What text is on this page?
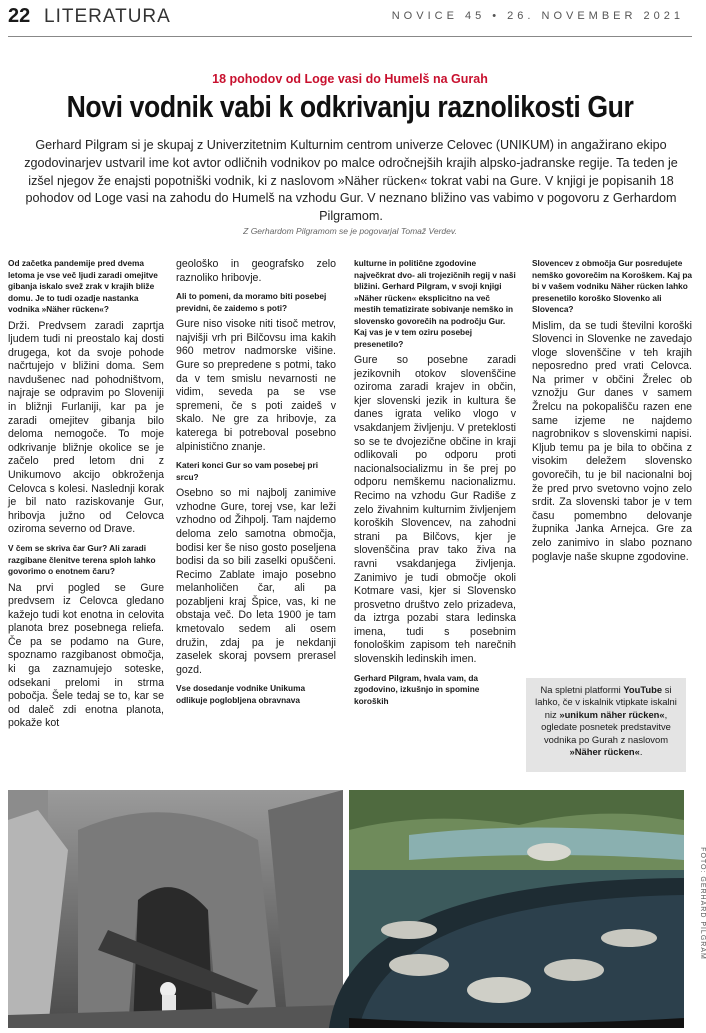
22 LITERATURA	NOVICE 45 • 26. NOVEMBER 2021
18 pohodov od Loge vasi do Humelš na Gurah
Novi vodnik vabi k odkrivanju raznolikosti Gur
Gerhard Pilgram si je skupaj z Univerzitetnim Kulturnim centrom univerze Celovec (UNIKUM) in angažirano ekipo zgodovinarjev ustvaril ime kot avtor odličnih vodnikov po malce odročnejših krajih alpsko-jadranske regije. Ta teden je izšel njegov že enajsti popotniški vodnik, ki z naslovom »Näher rücken« tokrat vabi na Gure. V knjigi je popisanih 18 pohodov od Loge vasi na zahodu do Humelš na vzhodu Gur. V neznano bližino vas vabimo v pogovoru z Gerhardom Pilgramom.
Z Gerhardom Pilgramom se je pogovarjal Tomaž Verdev.

Od začetka pandemije pred dvema letoma je vse več ljudi zaradi omejitve gibanja iskalo svež zrak v krajih bliže domu. Je to tudi ozadje nastanka vodnika »Näher rücken«?

Drži. Predvsem zaradi zaprtja ljudem tudi ni preostalo kaj dosti drugega, kot da svoje pohode načrtujejo v bližini doma. Sem navdušenec nad pohodništvom, najraje se odpravim po Sloveniji in bližnji Furlaniji, kar pa je zaradi omejitev gibanja bilo deloma nemogoče. To moje odkrivanje bližnje okolice se je začelo pred letom dni z Unikumovo akcijo obkroženja Celovca s kolesi. Naslednji korak je bil nato raziskovanje Gur, hribovja južno od Celovca oziroma severno od Drave.

V čem se skriva čar Gur? Ali zaradi razgibane členitve terena sploh lahko govorimo o enotnem čaru?

Na prvi pogled se Gure predvsem iz Celovca gledano kažejo tudi kot enotna in celovita planota brez posebnega reliefa. Če pa se podamo na Gure, spoznamo razgibanost območja, ki ga zaznamujejo soteske, odsekani prelomi in strma pobočja. Šele tedaj se to, kar se od daleč zdi enotna planota, pokaže kot

geološko in geografsko zelo raznoliko hribovje.

Ali to pomeni, da moramo biti posebej previdni, če zaidemo s poti?

Gure niso visoke niti tisoč metrov, najvišji vrh pri Bilčovsu ima kakih 960 metrov nadmorske višine. Gure so prepredene s potmi, tako da v tem smislu nevarnosti ne vidim, seveda pa se vse spremeni, če s poti zaideš v skalo. Ne gre za hribovje, za katerega bi potreboval posebno alpinistično znanje.

Kateri konci Gur so vam posebej pri srcu?

Osebno so mi najbolj zanimive vzhodne Gure, torej vse, kar leži vzhodno od Žihpolj. Tam najdemo deloma zelo samotna območja, bodisi ker še niso gosto poseljena bodisi da so bili zaselki opuščeni. Recimo Zablate imajo posebno melanholičen čar, ali pa pozabljeni kraj Špice, vas, ki ne obstaja več. Do leta 1900 je tam kmetovalo sedem ali osem družin, zdaj pa je nekdanji zaselek skoraj povsem prerasel gozd.

Vse dosedanje vodnike Unikuma odlikuje poglobljena obravnava

kulturne in politične zgodovine največkrat dvo- ali trojezičnih regij v naši bližini. Gerhard Pilgram, v svoji knjigi »Näher rücken« eksplicitno na več mestih tematizirate sobivanje nemško in slovensko govorečih na področju Gur. Kaj vas je v tem oziru posebej presenetilo?

Gure so posebne zaradi jezikovnih otokov slovenščine oziroma zaradi krajev in občin, kjer slovenski jezik in kultura še danes igrata veliko vlogo v vsakdanjem življenju. V preteklosti so se te dvojezične občine in kraji odlikovali po odporu proti nacionalsocializmu in še prej po odporu nemškemu nacionalizmu. Recimo na vzhodu Gur Radiše z zelo živahnim kulturnim življenjem koroških Slovencev, na zahodni strani pa Bilčovs, kjer je slovenščina prav tako živa na ravni vsakdanjega življenja. Zanimivo je tudi območje okoli Kotmare vasi, kjer si Slovensko prosvetno društvo zelo prizadeva, da iztrga pozabi stara ledinska imena, tudi s posebnim fonološkim zapisom teh narečnih slovenskih ledinskih imen.

Gerhard Pilgram, hvala vam, da zgodovino, izkušnjo in spomine koroških

Slovencev z območja Gur posredujete nemško govorečim na Koroškem. Kaj pa bi v vašem vodniku Näher rücken lahko presenetilo koroško Slovenko ali Slovenca?

Mislim, da se tudi številni koroški Slovenci in Slovenke ne zavedajo vloge slovenščine v teh krajih neposredno pred vrati Celovca. Na primer v občini Žrelec ob vznožju Gur danes v samem Žrelcu na pokopališču razen ene same izjeme ne najdemo nagrobnikov s slovenskimi napisi. Kljub temu pa je bila to občina z visokim deležem slovensko govorečih, tu je bil nacionalni boj že pred prvo svetovno vojno zelo srdit. Za slovenski tabor je v tem času pomembno delovanje župnika Janka Arnejca. Gre za zelo zanimivo in slabo poznano poglavje naše skupne zgodovine.

Na spletni platformi YouTube si lahko, če v iskalnik vtipkate iskalni niz »unikum näher rücken«, ogledate posnetek predstavitve vodnika po Gurah z naslovom »Näher rücken«.
FOTO: GERHARD PILGRAM
